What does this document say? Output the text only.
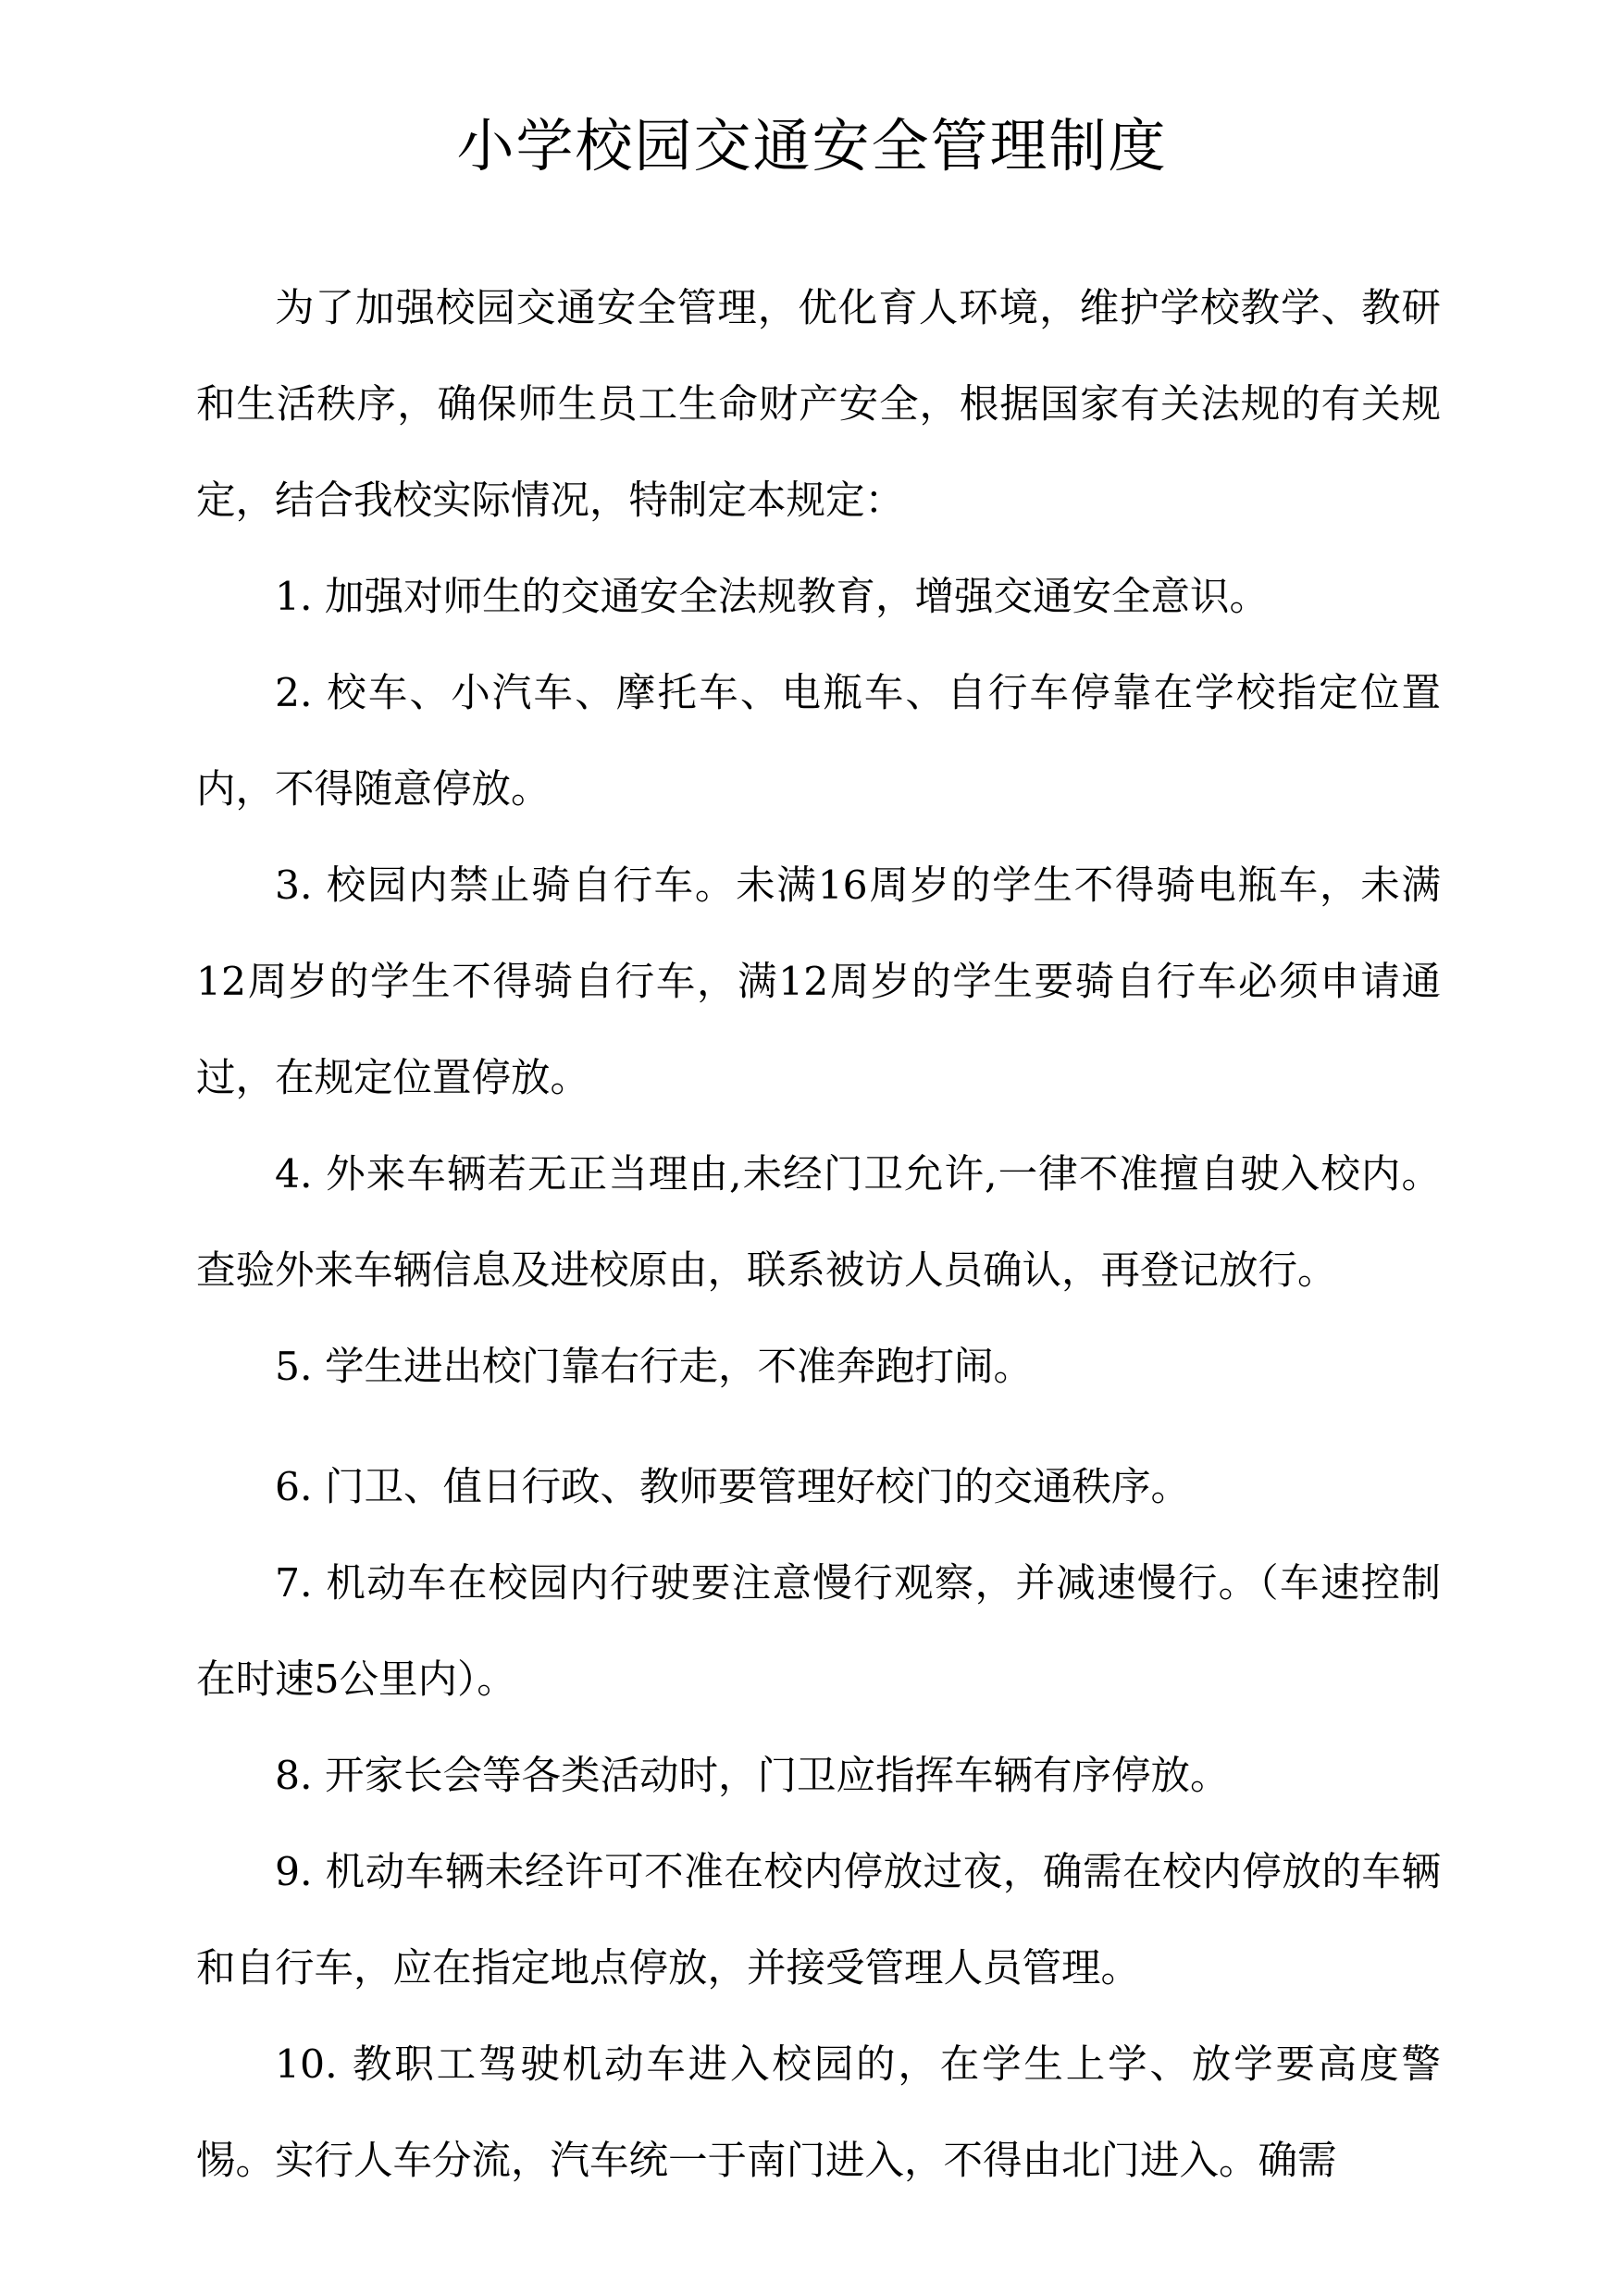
小学校园交通安全管理制度

为了加强校园交通安全管理，优化育人环境，维护学校教学、教研和生活秩序，确保师生员工生命财产安全，根据国家有关法规的有关规定，结合我校实际情况，特制定本规定：

1. 加强对师生的交通安全法规教育，增强交通安全意识。

2. 校车、小汽车、摩托车、电瓶车、自行车停靠在学校指定位置内，不得随意停放。

3. 校园内禁止骑自行车。未满16周岁的学生不得骑电瓶车，未满12周岁的学生不得骑自行车，满12周岁的学生要骑自行车必须申请通过，在规定位置停放。

4. 外来车辆若无正当理由,未经门卫允许,一律不准擅自驶入校内。查验外来车辆信息及进校原由，联系被访人员确认，再登记放行。

5. 学生进出校门靠右行走，不准奔跑打闹。

6. 门卫、值日行政、教师要管理好校门的交通秩序。

7. 机动车在校园内行驶要注意慢行观察，并减速慢行。（车速控制在时速5公里内）。

8. 开家长会等各类活动时，门卫应指挥车辆有序停放。

9. 机动车辆未经许可不准在校内停放过夜，确需在校内停放的车辆和自行车，应在指定地点停放，并接受管理人员管理。

10. 教职工驾驶机动车进入校园的，在学生上学、放学要高度警惕。实行人车分流，汽车统一于南门进入，不得由北门进入。确需
